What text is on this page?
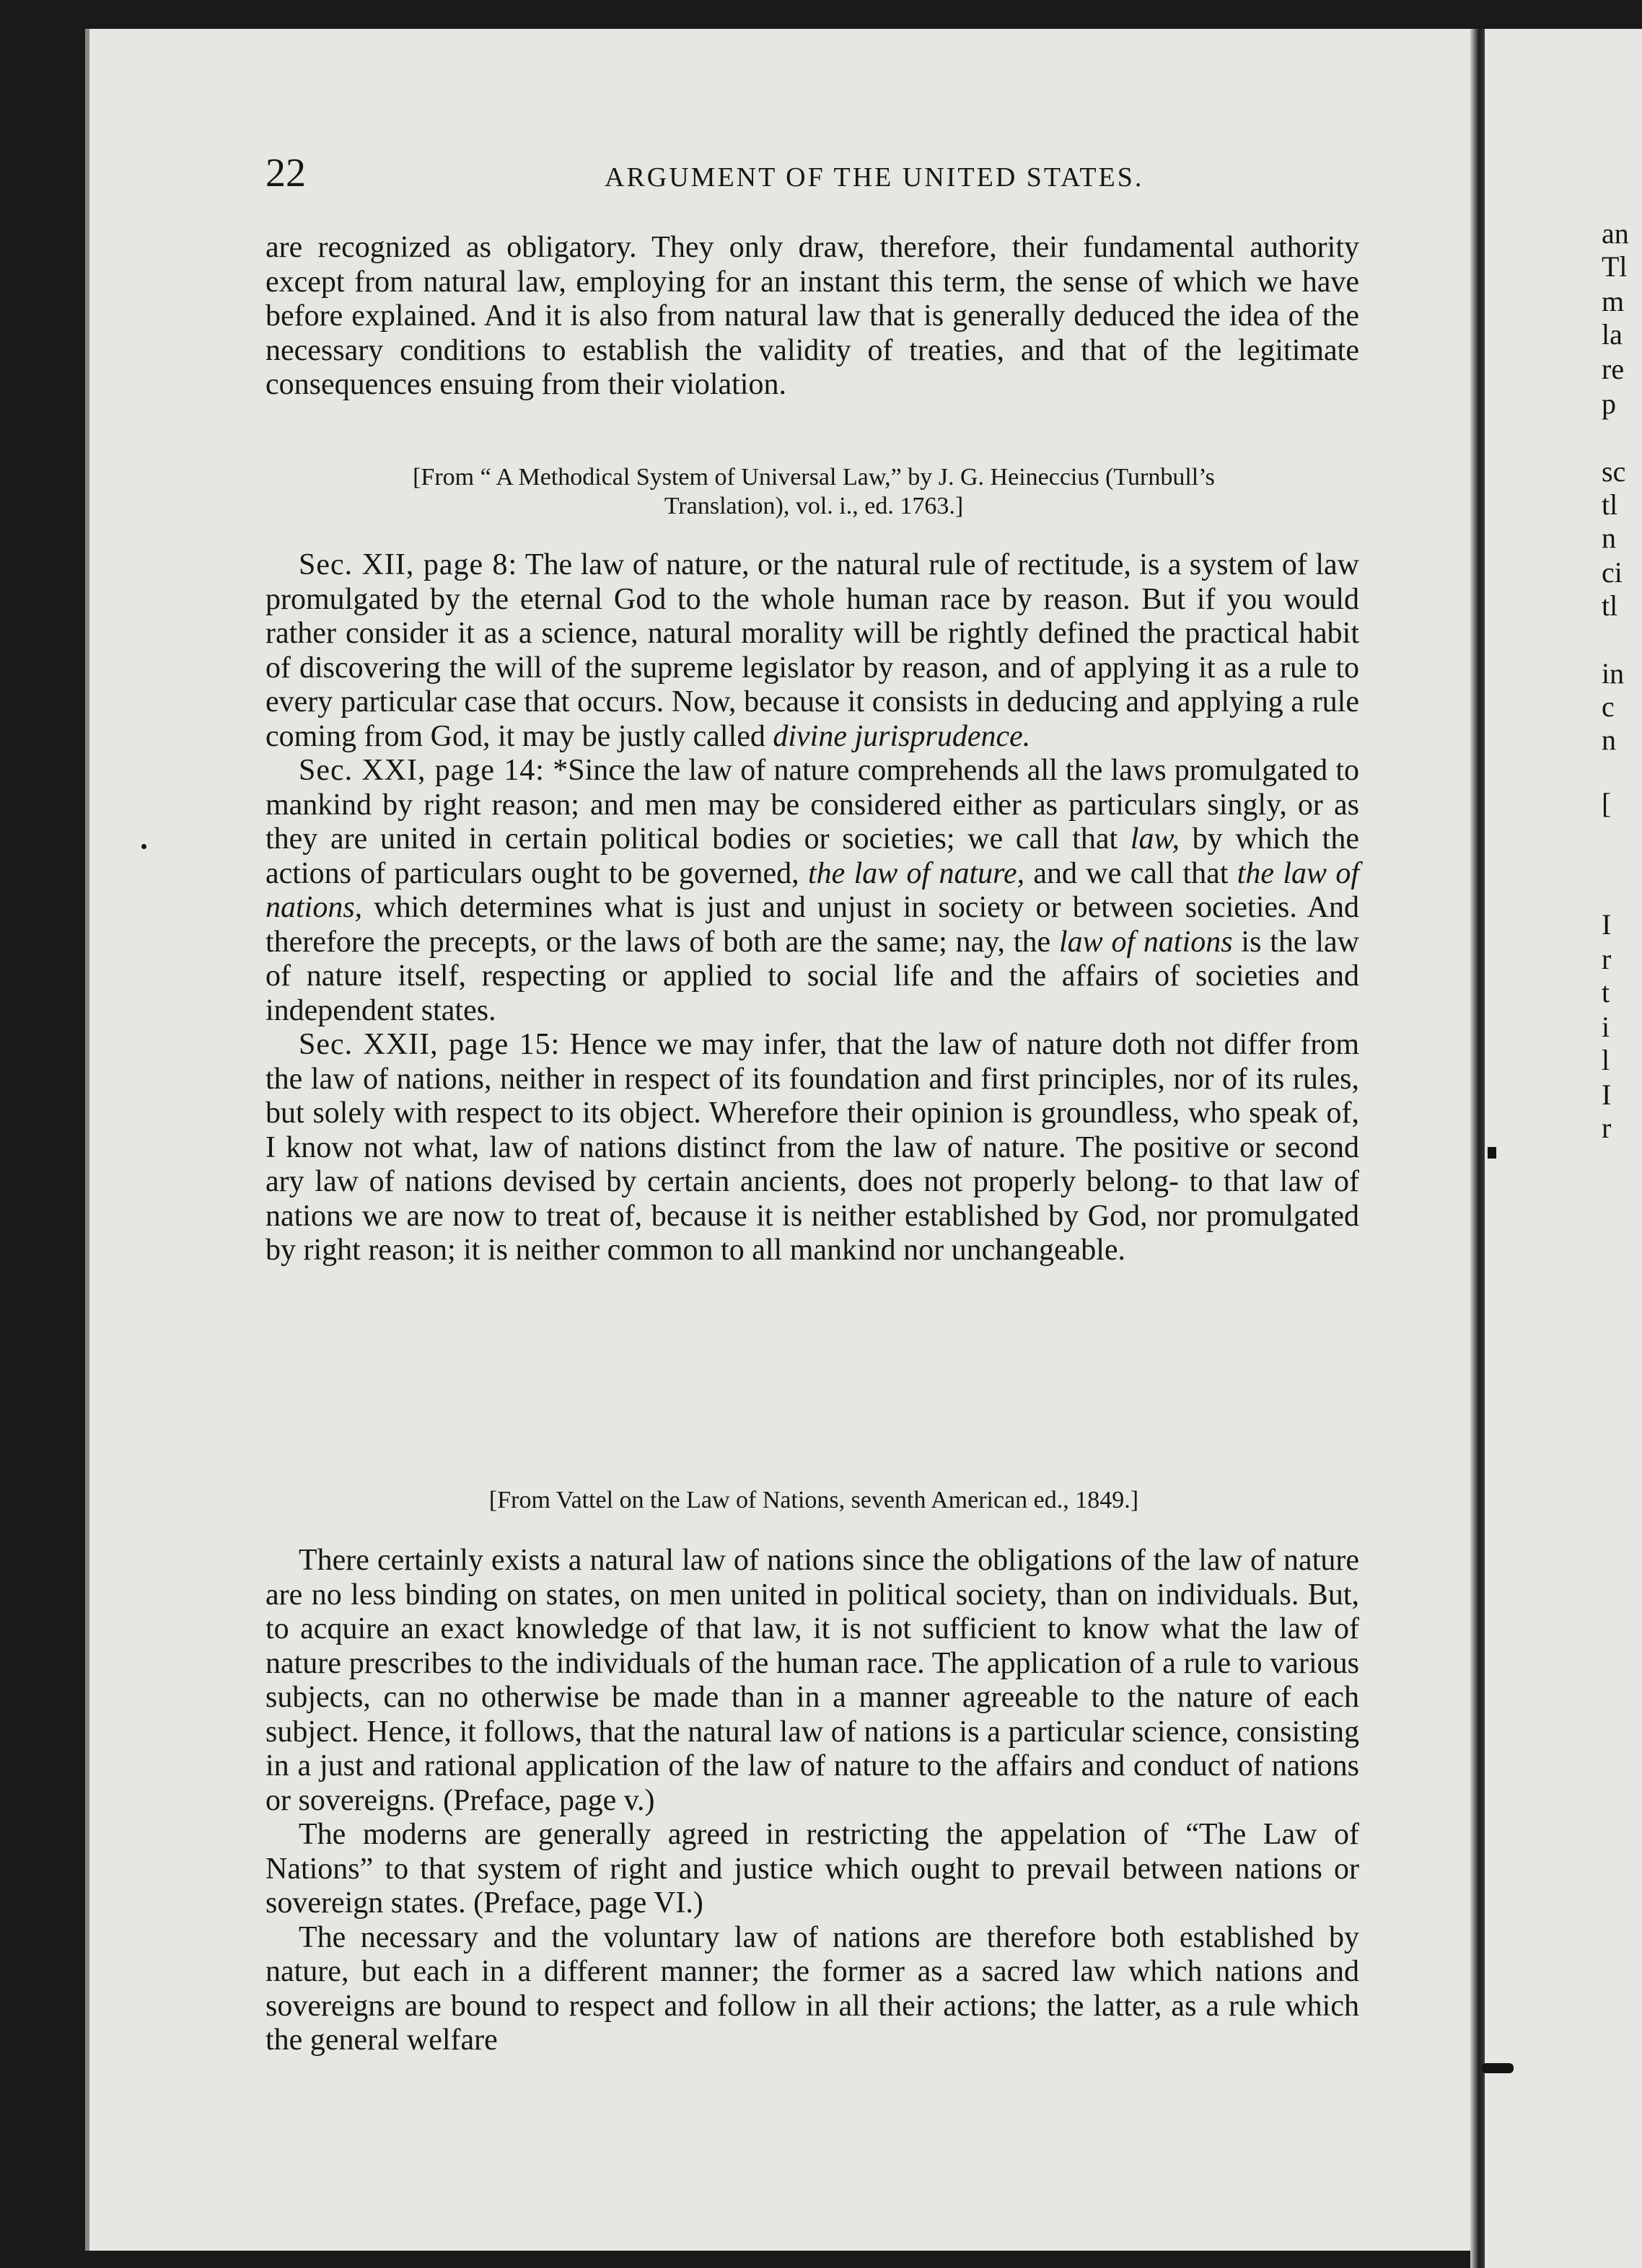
22	ARGUMENT OF THE UNITED STATES.

are recognized as obligatory. They only draw, therefore, their fundamental authority except from natural law, employing for an instant this term, the sense of which we have before explained. And it is also from natural law that is generally deduced the idea of the necessary conditions to establish the validity of treaties, and that of the legitimate consequences ensuing from their violation.

[From “ A Methodical System of Universal Law,” by J. G. Heineccius (Turnbull’s
Translation), vol. i., ed. 1763.]

Sec. XII, page 8: The law of nature, or the natural rule of rectitude, is a system of law promulgated by the eternal God to the whole human race by reason. But if you would rather consider it as a science, natural morality will be rightly defined the practical habit of discovering the will of the supreme legislator by reason, and of applying it as a rule to every particular case that occurs. Now, because it consists in deducing and applying a rule coming from God, it may be justly called divine jurisprudence.

Sec. XXI, page 14: *Since the law of nature comprehends all the laws promulgated to mankind by right reason; and men may be considered either as particulars singly, or as they are united in certain political bodies or societies; we call that law, by which the actions of particulars ought to be governed, the law of nature, and we call that the law of nations, which determines what is just and unjust in society or between societies. And therefore the precepts, or the laws of both are the same; nay, the law of nations is the law of nature itself, respecting or applied to social life and the affairs of societies and independent states.

Sec. XXII, page 15: Hence we may infer, that the law of nature doth not differ from the law of nations, neither in respect of its foundation and first principles, nor of its rules, but solely with respect to its object. Wherefore their opinion is groundless, who speak of, I know not what, law of nations distinct from the law of nature. The positive or second ary law of nations devised by certain ancients, does not properly belong- to that law of nations we are now to treat of, because it is neither established by God, nor promulgated by right reason; it is neither common to all mankind nor unchangeable.

[From Vattel on the Law of Nations, seventh American ed., 1849.]

There certainly exists a natural law of nations since the obligations of the law of nature are no less binding on states, on men united in political society, than on individuals. But, to acquire an exact knowledge of that law, it is not sufficient to know what the law of nature prescribes to the individuals of the human race. The application of a rule to various subjects, can no otherwise be made than in a manner agreeable to the nature of each subject. Hence, it follows, that the natural law of nations is a particular science, consisting in a just and rational application of the law of nature to the affairs and conduct of nations or sovereigns. (Preface, page v.)

The moderns are generally agreed in restricting the appelation of “The Law of Nations” to that system of right and justice which ought to prevail between nations or sovereign states. (Preface, page VI.)

The necessary and the voluntary law of nations are therefore both established by nature, but each in a different manner; the former as a sacred law which nations and sovereigns are bound to respect and follow in all their actions; the latter, as a rule which the general welfare

an
Tl
m
la
re
p
sc
tl
n
ci
tl
in
c
n
[
I
r
t
i
l
I
r
